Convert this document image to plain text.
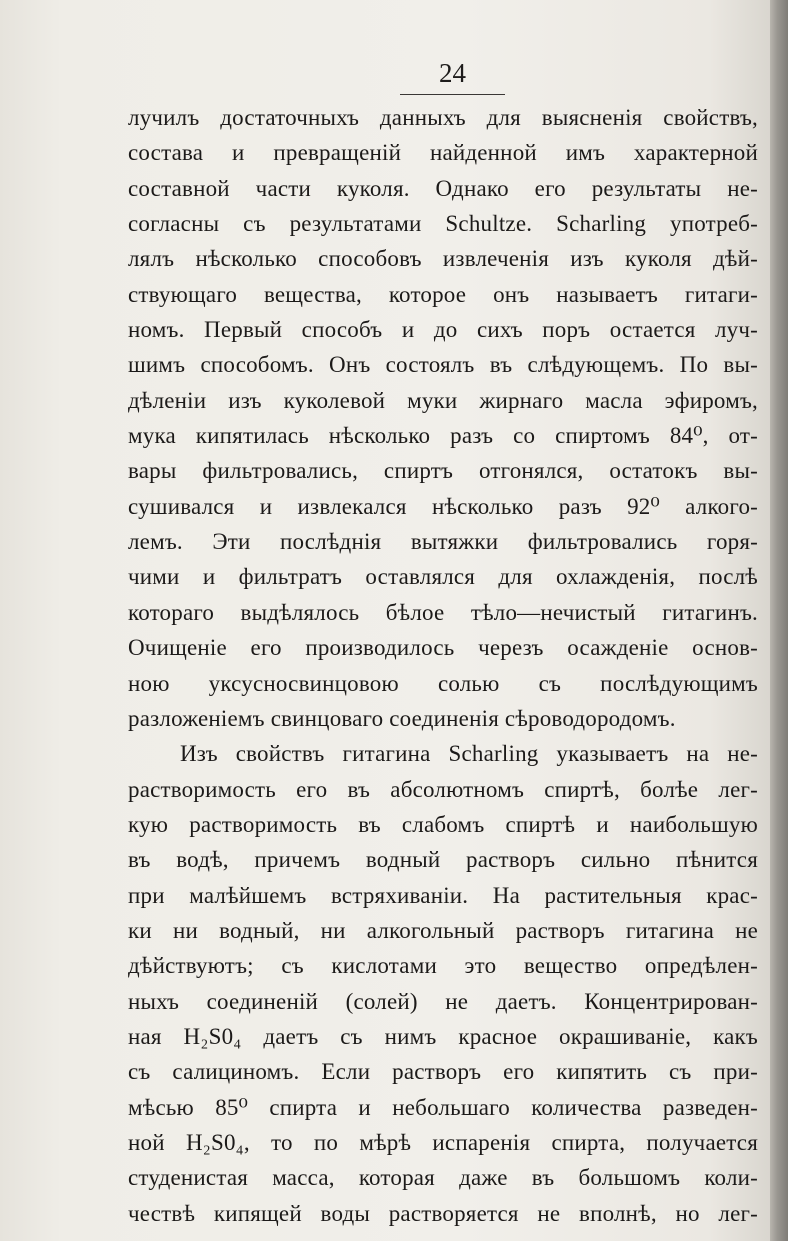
24
лучилъ достаточныхъ данныхъ для выясненія свойствъ,
состава и превращеній найденной имъ характерной
составной части куколя. Однако его результаты не-
согласны съ результатами Schultze. Scharling употреб-
лялъ нѣсколько способовъ извлеченія изъ куколя дѣй-
ствующаго вещества, которое онъ называетъ гитаги-
номъ. Первый способъ и до сихъ поръ остается луч-
шимъ способомъ. Онъ состоялъ въ слѣдующемъ. По вы-
дѣленіи изъ куколевой муки жирнаго масла эфиромъ,
мука кипятилась нѣсколько разъ со спиртомъ 84⁰, от-
вары фильтровались, спиртъ отгонялся, остатокъ вы-
сушивался и извлекался нѣсколько разъ 92⁰ алкого-
лемъ. Эти послѣднія вытяжки фильтровались горя-
чими и фильтратъ оставлялся для охлажденія, послѣ
котораго выдѣлялось бѣлое тѣло—нечистый гитагинъ.
Очищеніе его производилось черезъ осажденіе основ-
ною уксусносвинцовою солью съ послѣдующимъ
разложеніемъ свинцоваго соединенія сѣроводородомъ.
Изъ свойствъ гитагина Scharling указываетъ на не-
растворимость его въ абсолютномъ спиртѣ, болѣе лег-
кую растворимость въ слабомъ спиртѣ и наибольшую
въ водѣ, причемъ водный растворъ сильно пѣнится
при малѣйшемъ встряхиваніи. На растительныя крас-
ки ни водный, ни алкогольный растворъ гитагина не
дѣйствуютъ; съ кислотами это вещество опредѣлен-
ныхъ соединеній (солей) не даетъ. Концентрирован-
ная H₂S0₄ даетъ съ нимъ красное окрашиваніе, какъ
съ салициномъ. Если растворъ его кипятить съ при-
мѣсью 85⁰ спирта и небольшаго количества разведен-
ной H₂S0₄, то по мѣрѣ испаренія спирта, получается
студенистая масса, которая даже въ большомъ коли-
чествѣ кипящей воды растворяется не вполнѣ, но лег-
